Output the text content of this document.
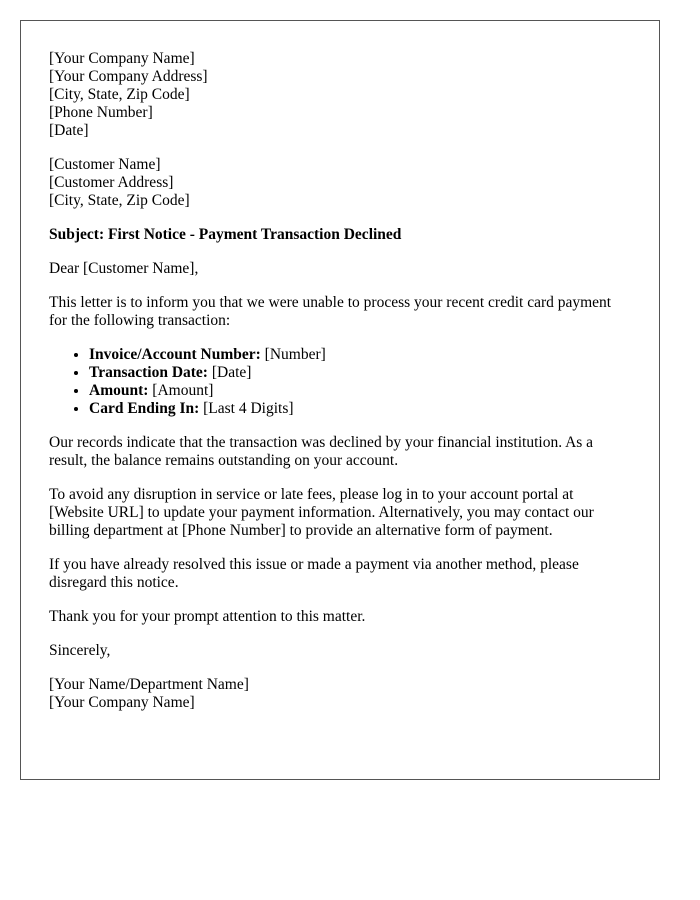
[Your Company Name]
[Your Company Address]
[City, State, Zip Code]
[Phone Number]
[Date]
[Customer Name]
[Customer Address]
[City, State, Zip Code]

Subject: First Notice - Payment Transaction Declined

Dear [Customer Name],

This letter is to inform you that we were unable to process your recent credit card payment for the following transaction:

• Invoice/Account Number: [Number]
• Transaction Date: [Date]
• Amount: [Amount]
• Card Ending In: [Last 4 Digits]

Our records indicate that the transaction was declined by your financial institution. As a result, the balance remains outstanding on your account.

To avoid any disruption in service or late fees, please log in to your account portal at [Website URL] to update your payment information. Alternatively, you may contact our billing department at [Phone Number] to provide an alternative form of payment.

If you have already resolved this issue or made a payment via another method, please disregard this notice.

Thank you for your prompt attention to this matter.

Sincerely,

[Your Name/Department Name]
[Your Company Name]
